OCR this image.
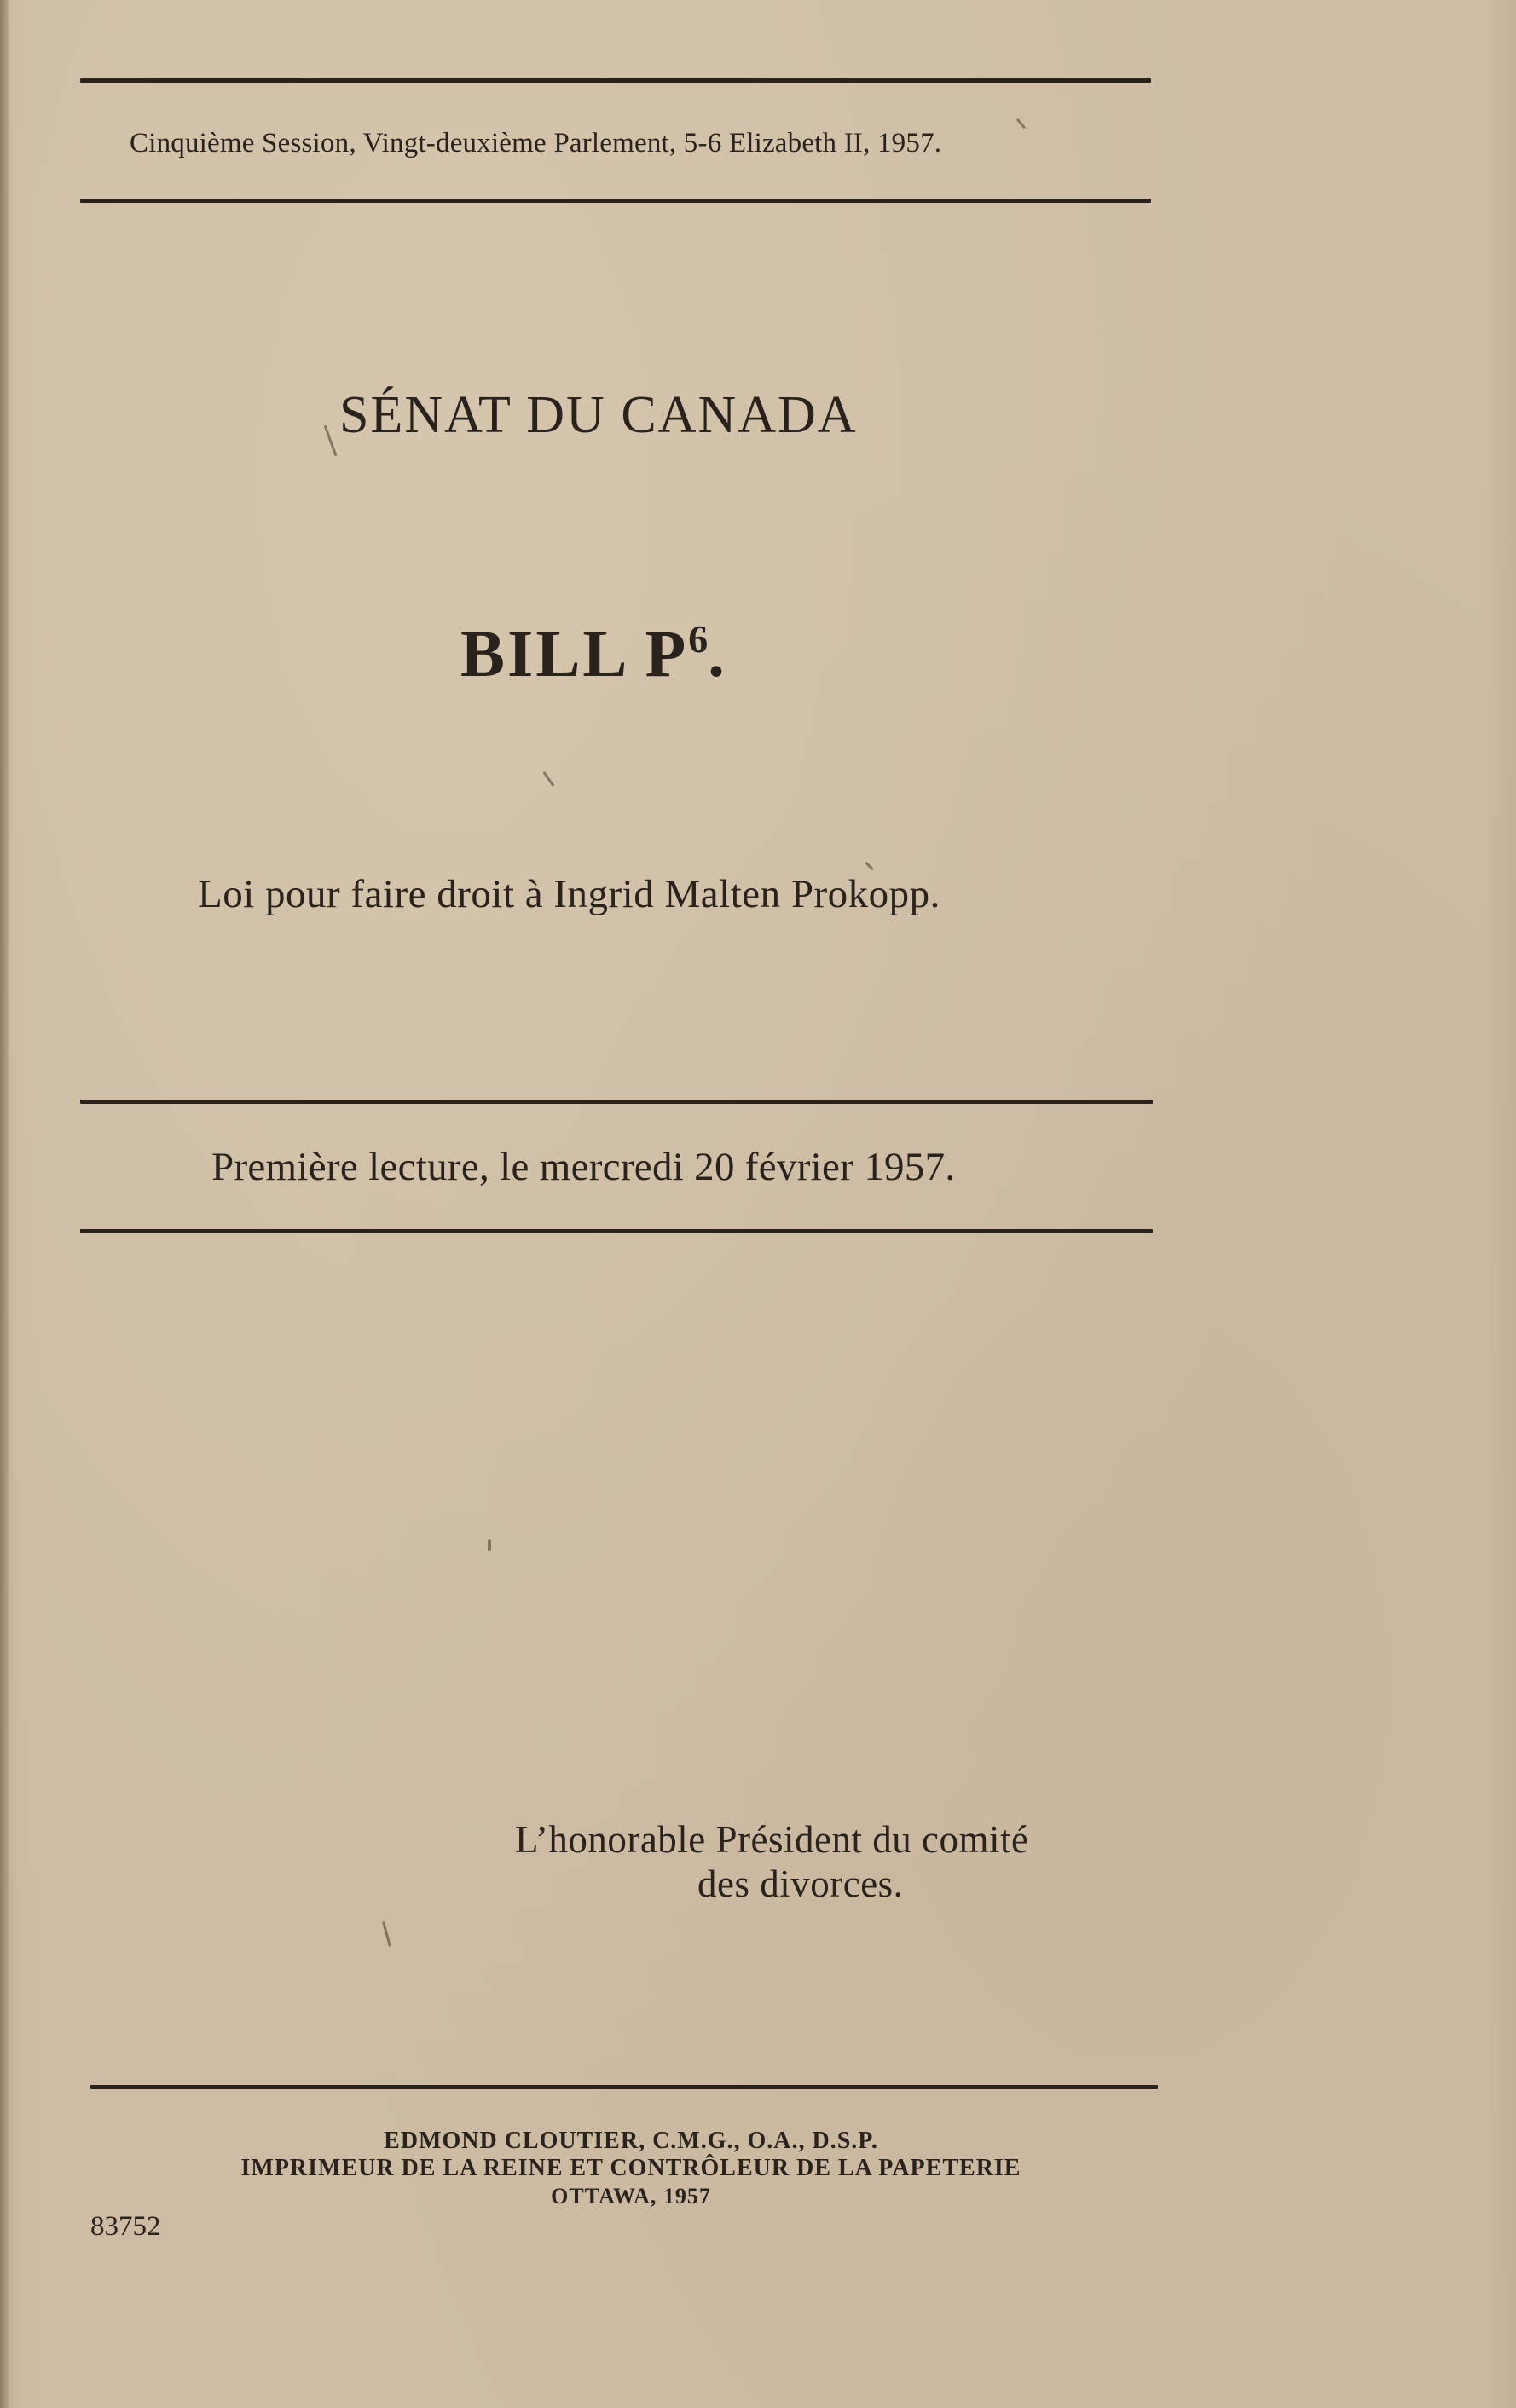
Cinquième Session, Vingt-deuxième Parlement, 5-6 Elizabeth II, 1957.
SÉNAT DU CANADA
BILL $P^6$.
Loi pour faire droit à Ingrid Malten Prokopp.
Première lecture, le mercredi 20 février 1957.
L’honorable Président du comité
des divorces.
EDMOND CLOUTIER, C.M.G., O.A., D.S.P.
IMPRIMEUR DE LA REINE ET CONTRÔLEUR DE LA PAPETERIE
OTTAWA, 1957
83752
